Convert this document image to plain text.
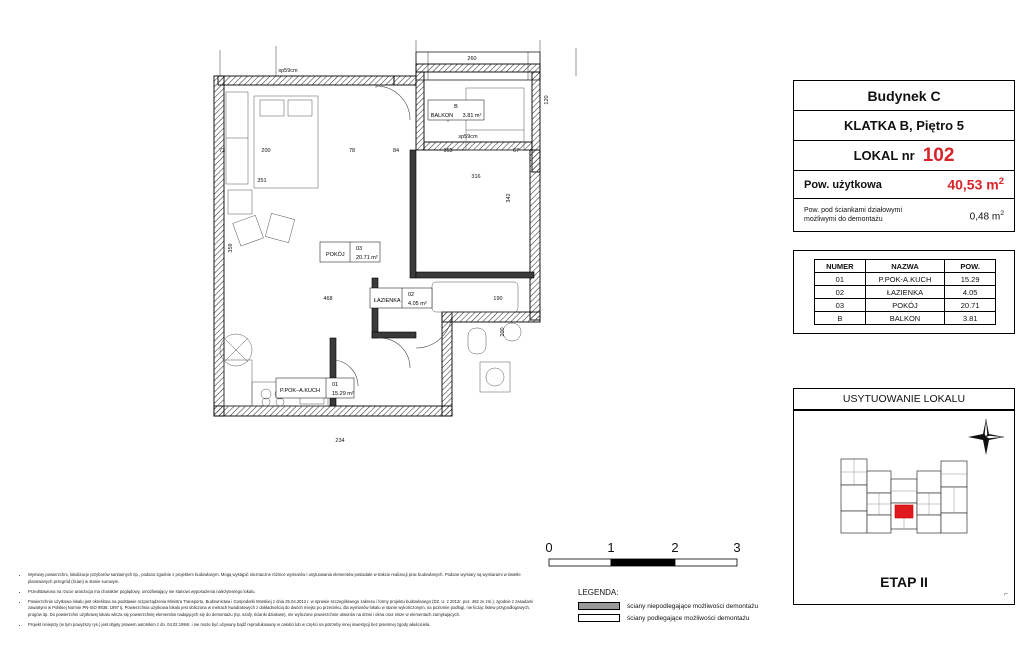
260
120
73	200	78	84	165	67
351
316
342
359
468	190
200
234
sp59cm
sp59cm
B
BALKON 3.81 m²
03
POKÓJ 20.71 m²
02
ŁAZIENKA 4.05 m²
01
P.POK–A.KUCH 15.29 m²
Budynek C
KLATKA B, Piętro 5
LOKAL nr 102
Pow. użytkowa	40,53 $m^2$
Pow. pod ściankami działowymi
możliwymi do demontażu	0,48 $m^2$
NUMER	NAZWA	POW.
01	P.POK-A.KUCH	15.29
02	ŁAZIENKA	4.05
03	POKÓJ	20.71
B	BALKON	3.81
USYTUOWANIE LOKALU
ETAP II
⌐
0	1	2	3
LEGENDA:
ściany niepodlegające możliwości demontażu
ściany podlegające możliwości demontażu
• Wymiary powierzchni, lokalizacje przyborów sanitarnych itp., podano zgodnie z projektem budowlanym. Mogą wystąpić nieznaczne różnice wymiarów i usytuowania elementów posiadale w trakcie realizacji prac budowlanych. Podane wymiary są wymiarami w świetle planowanych przegród (ścian) w stanie surowym.
• Przedstawiona na rzucie aranżacja ma charakter poglądowy, umożliwiający nie stanowi wyposażenia należytemego lokalu.
• Powierzchnie użytkowa lokalu jest określona na podstawie rozporządzenia Ministra Transportu, Budownictwa i Gospodarki Morskiej z dnia 25.04.2012 r. w sprawie szczegółowego zakresu i formy projektu budowlanego (DZ. U. z 2012r. poz. 462 ze zm.), zgodnie z zasadami zawartymi w Polskiej Normie PN-ISO 9836: 1997 tj. Powierzchnia użytkowa lokalu jest obliczona w metrach kwadratowych z dokładnością do dwóch miejsc po przecinku, dla wymiarów lokalu w stanie wykończonym, na poziomie podłogi, nie licząc listew przypodłogowych, progów itp. Do powierzchni użytkowej lokalu wlicza się powierzchnię elementów nadających się do demontażu (np. szafy, ścianki działowe), nie wyliczone powierzchnie otworów na drzwi i okna oraz nisze w elementach zamykających.
• Projekt niniejszy (w tym powyższy rys.) jest objęty prawem autorskim z dn. 04.02.1994r. i nie może być używany bądź reprodukowany w całości lub w części na potrzeby innej inwestycji bez pisemnej zgody właściciela.
